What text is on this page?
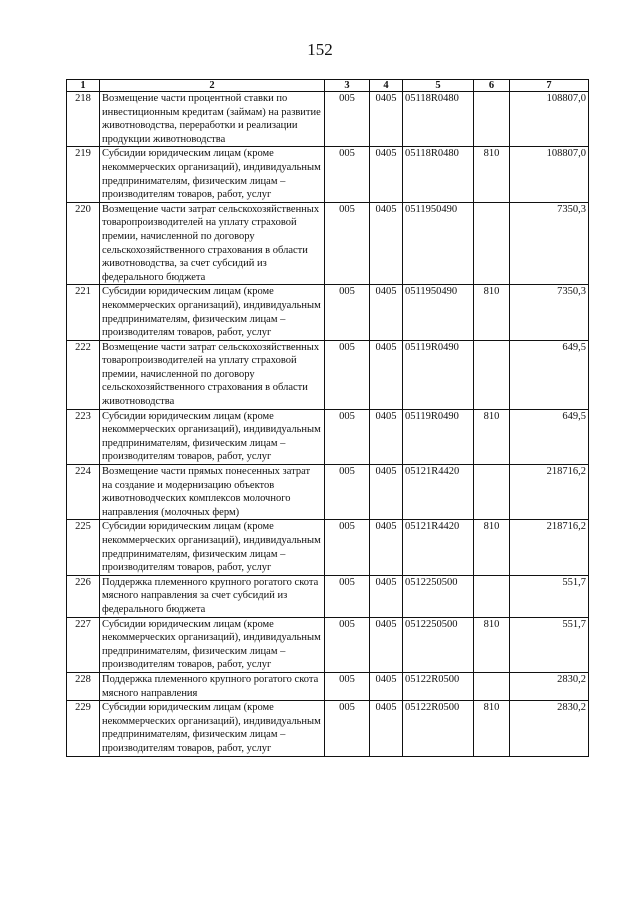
152
1	2	3	4	5	6	7
218	Возмещение части процентной ставки по инвестиционным кредитам (займам) на развитие животноводства, переработки и реализации продукции животноводства	005	0405	05118R0480		108807,0
219	Субсидии юридическим лицам (кроме некоммерческих организаций), индивидуальным предпринимателям, физическим лицам – производителям товаров, работ, услуг	005	0405	05118R0480	810	108807,0
220	Возмещение части затрат сельскохозяйственных товаропроизводителей на уплату страховой премии, начисленной по договору сельскохозяйственного страхования в области животноводства, за счет субсидий из федерального бюджета	005	0405	0511950490		7350,3
221	Субсидии юридическим лицам (кроме некоммерческих организаций), индивидуальным предпринимателям, физическим лицам – производителям товаров, работ, услуг	005	0405	0511950490	810	7350,3
222	Возмещение части затрат сельскохозяйственных товаропроизводителей на уплату страховой премии, начисленной по договору сельскохозяйственного страхования в области животноводства	005	0405	05119R0490		649,5
223	Субсидии юридическим лицам (кроме некоммерческих организаций), индивидуальным предпринимателям, физическим лицам – производителям товаров, работ, услуг	005	0405	05119R0490	810	649,5
224	Возмещение части прямых понесенных затрат на создание и модернизацию объектов животноводческих комплексов молочного направления (молочных ферм)	005	0405	05121R4420		218716,2
225	Субсидии юридическим лицам (кроме некоммерческих организаций), индивидуальным предпринимателям, физическим лицам – производителям товаров, работ, услуг	005	0405	05121R4420	810	218716,2
226	Поддержка племенного крупного рогатого скота мясного направления за счет субсидий из федерального бюджета	005	0405	0512250500		551,7
227	Субсидии юридическим лицам (кроме некоммерческих организаций), индивидуальным предпринимателям, физическим лицам – производителям товаров, работ, услуг	005	0405	0512250500	810	551,7
228	Поддержка племенного крупного рогатого скота мясного направления	005	0405	05122R0500		2830,2
229	Субсидии юридическим лицам (кроме некоммерческих организаций), индивидуальным предпринимателям, физическим лицам – производителям товаров, работ, услуг	005	0405	05122R0500	810	2830,2
